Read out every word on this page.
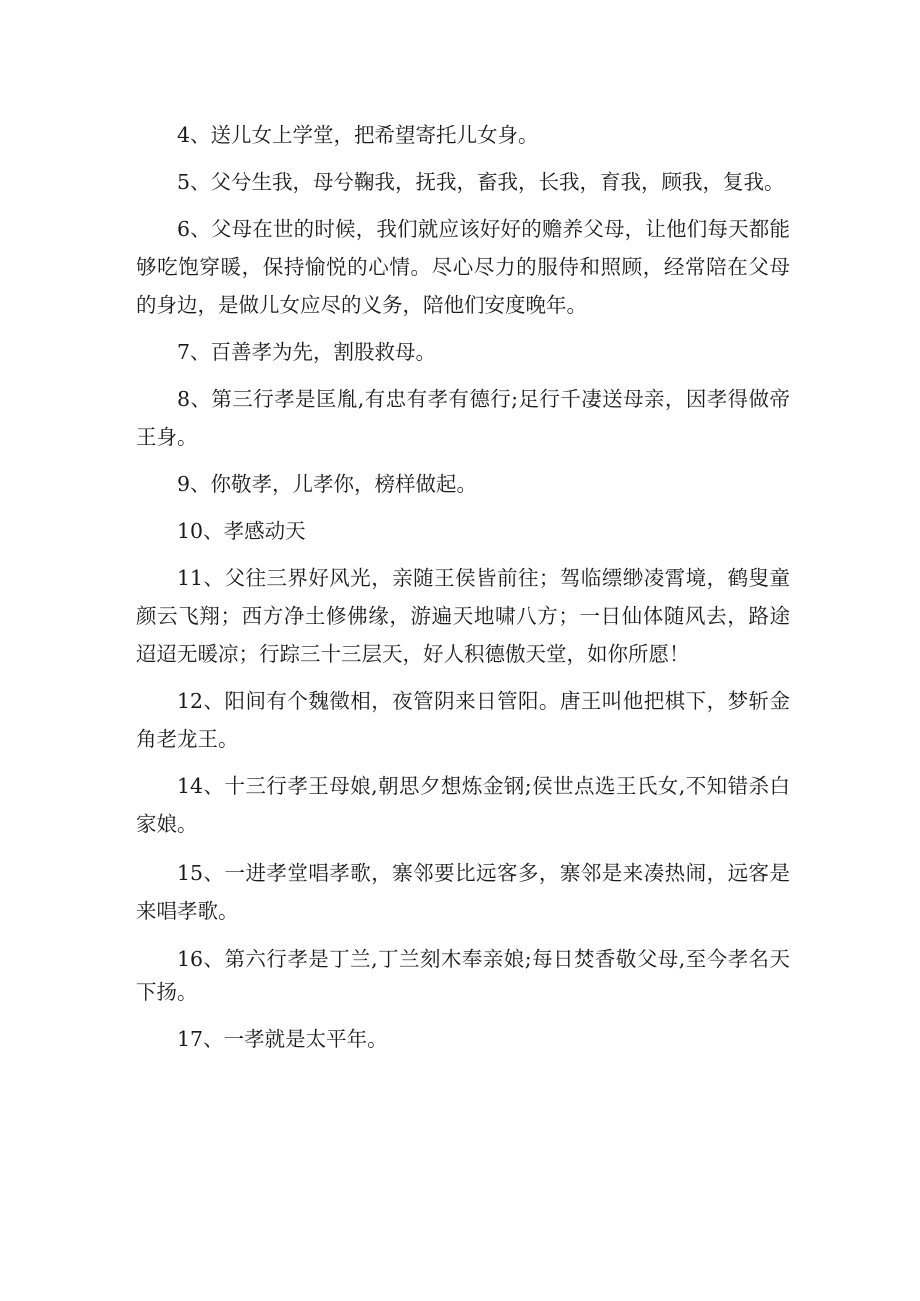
4、送儿女上学堂，把希望寄托儿女身。

5、父兮生我，母兮鞠我，抚我，畜我，长我，育我，顾我，复我。

6、父母在世的时候，我们就应该好好的赡养父母，让他们每天都能够吃饱穿暖，保持愉悦的心情。尽心尽力的服侍和照顾，经常陪在父母的身边，是做儿女应尽的义务，陪他们安度晚年。

7、百善孝为先，割股救母。

8、第三行孝是匡胤,有忠有孝有德行;足行千凄送母亲，因孝得做帝王身。

9、你敬孝，儿孝你，榜样做起。

10、孝感动天

11、父往三界好风光，亲随王侯皆前往；驾临缥缈凌霄境，鹤叟童颜云飞翔；西方净土修佛缘，游遍天地啸八方；一日仙体随风去，路途迢迢无暖凉；行踪三十三层天，好人积德傲天堂，如你所愿！

12、阳间有个魏徵相，夜管阴来日管阳。唐王叫他把棋下，梦斩金角老龙王。

14、十三行孝王母娘,朝思夕想炼金钢;侯世点选王氏女,不知错杀白家娘。

15、一进孝堂唱孝歌，寨邻要比远客多，寨邻是来凑热闹，远客是来唱孝歌。

16、第六行孝是丁兰,丁兰刻木奉亲娘;每日焚香敬父母,至今孝名天下扬。

17、一孝就是太平年。
